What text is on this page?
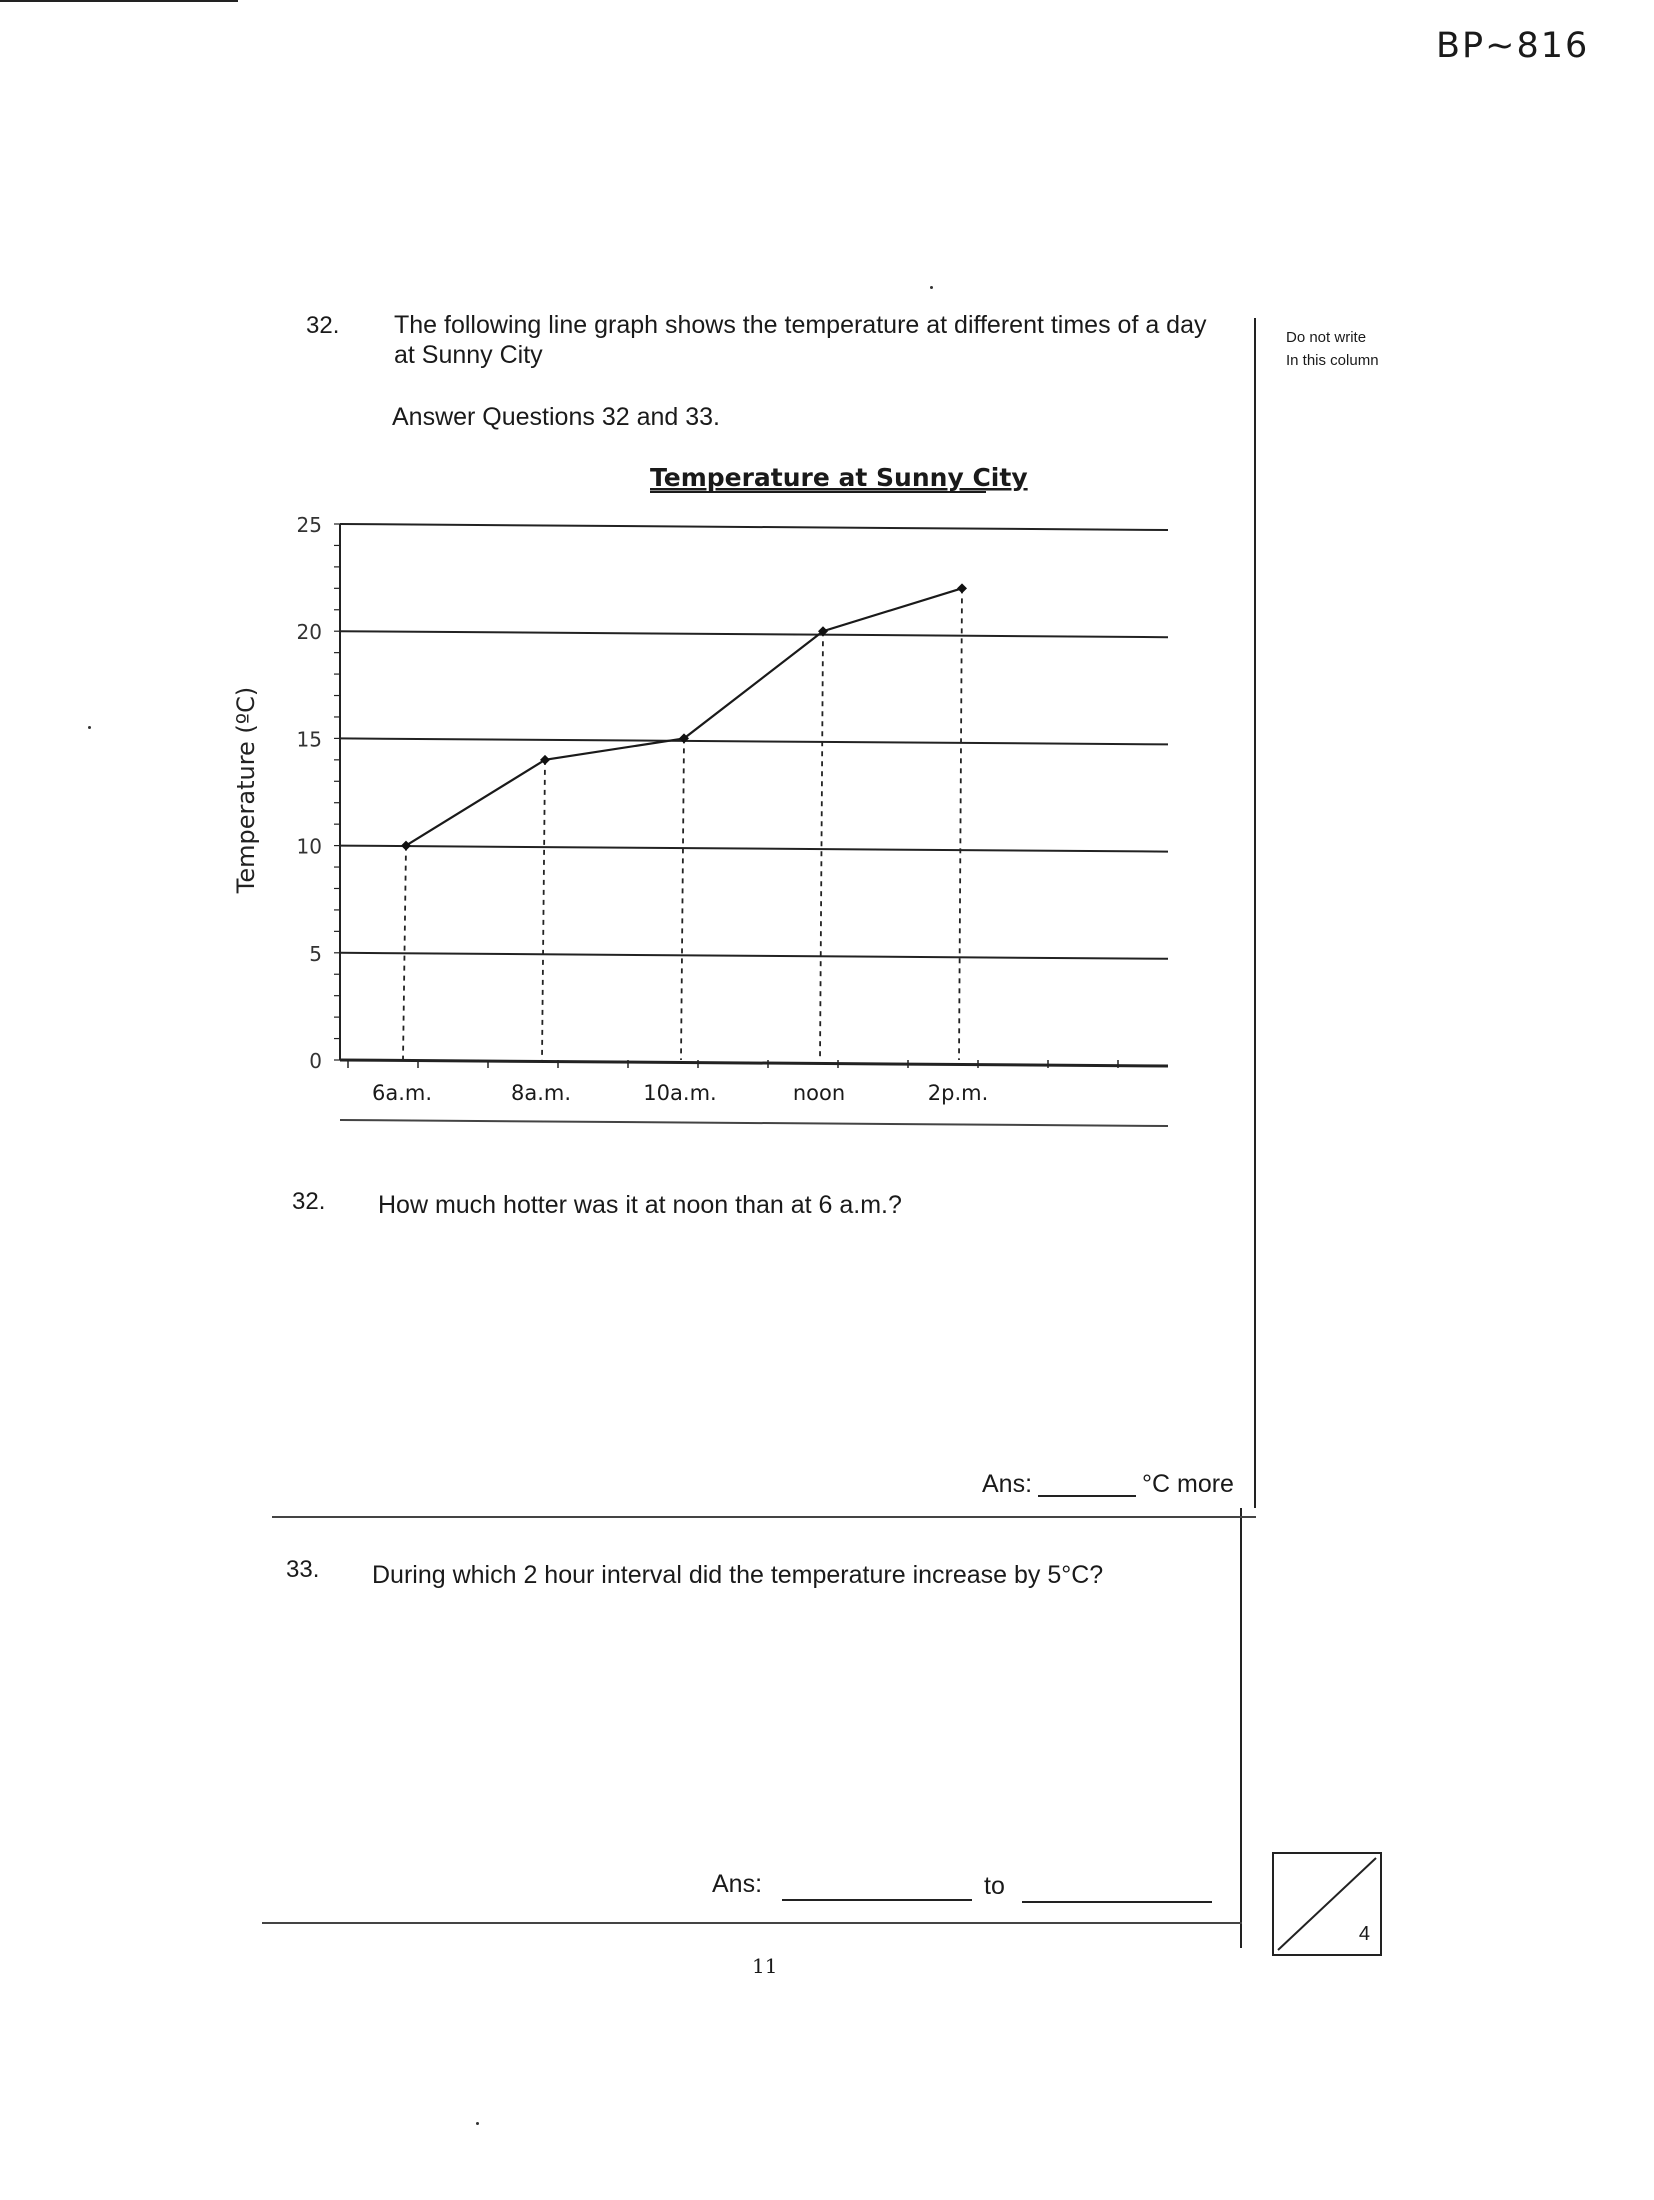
BP~816
Do not write
In this column
32. The following line graph shows the temperature at different times of a day
at Sunny City
Answer Questions 32 and 33.
Temperature at Sunny City
0
5
10
15
20
25
Temperature (ºC)
6a.m.	8a.m.	10a.m.	noon	2p.m.
32. How much hotter was it at noon than at 6 a.m.?
Ans:	°C more
33. During which 2 hour interval did the temperature increase by 5°C?
Ans:	to
4
11
